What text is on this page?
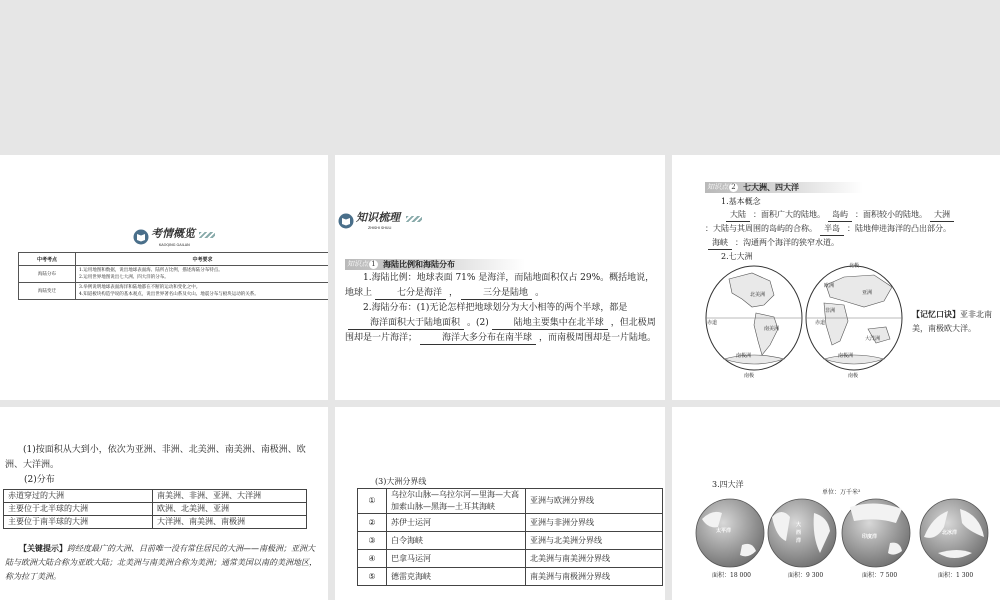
考情概览
KAOQING GAILAN
中考考点	中考要求
海陆分布	1.运用地图和数据，说出地球表面海、陆所占比例，描述海陆分布特点。
2.运用世界地图说出七大洲、四大洋的分布。

海陆变迁	3.举例说明地球表面海洋和陆地都在不断的运动和变化之中。
4.知道板块构造学说的基本观点，说出世界著名山系及火山、地震分布与板块运动的关系。
知识梳理
ZHISHI SHULI
知识点 1 海陆比例和海陆分布
1.海陆比例：地球表面 71% 是海洋，而陆地面积仅占 29%。概括地说，地球上	七分是海洋 ，	三分是陆地 。
2.海陆分布：(1)无论怎样把地球划分为大小相等的两个半球，都是海洋面积大于陆地面积 。(2)	陆地主要集中在北半球 ，但北极周围却是一片海洋；	海洋大多分布在南半球 ，而南极周围却是一片陆地。
知识点 2 七大洲、四大洋
1.基本概念
大陆 ：面积广大的陆地。 岛屿 ：面积较小的陆地。 大洲
：大陆与其周围的岛屿的合称。 半岛 ：陆地伸进海洋的凸出部分。
海峡 ：沟通两个海洋的狭窄水道。
2.七大洲
北美洲
南美洲
赤道
南极洲
南极
北极
欧洲
亚洲
非洲
赤道
大洋洲
南极洲
南极
【记忆口诀】亚非北南美，南极欧大洋。
(1)按面积从大到小，依次为亚洲、非洲、北美洲、南美洲、南极洲、欧洲、大洋洲。
(2)分布
赤道穿过的大洲	南美洲、非洲、亚洲、大洋洲
主要位于北半球的大洲	欧洲、北美洲、亚洲
主要位于南半球的大洲	大洋洲、南美洲、南极洲
【关键提示】跨经度最广的大洲、目前唯一没有常住居民的大洲——南极洲；亚洲大陆与欧洲大陆合称为亚欧大陆；北美洲与南美洲合称为美洲；通常美国以南的美洲地区，称为拉丁美洲。
(3)大洲分界线
①	乌拉尔山脉—乌拉尔河—里海—大高加索山脉—黑海—土耳其海峡	亚洲与欧洲分界线
②	苏伊士运河	亚洲与非洲分界线
③	白令海峡	亚洲与北美洲分界线
④	巴拿马运河	北美洲与南美洲分界线
⑤	德雷克海峡	南美洲与南极洲分界线
3.四大洋
单位：万千米²
太平洋
大西洋
印度洋
北冰洋
面积：18 000	面积：9 300	面积：7 500	面积：1 300
